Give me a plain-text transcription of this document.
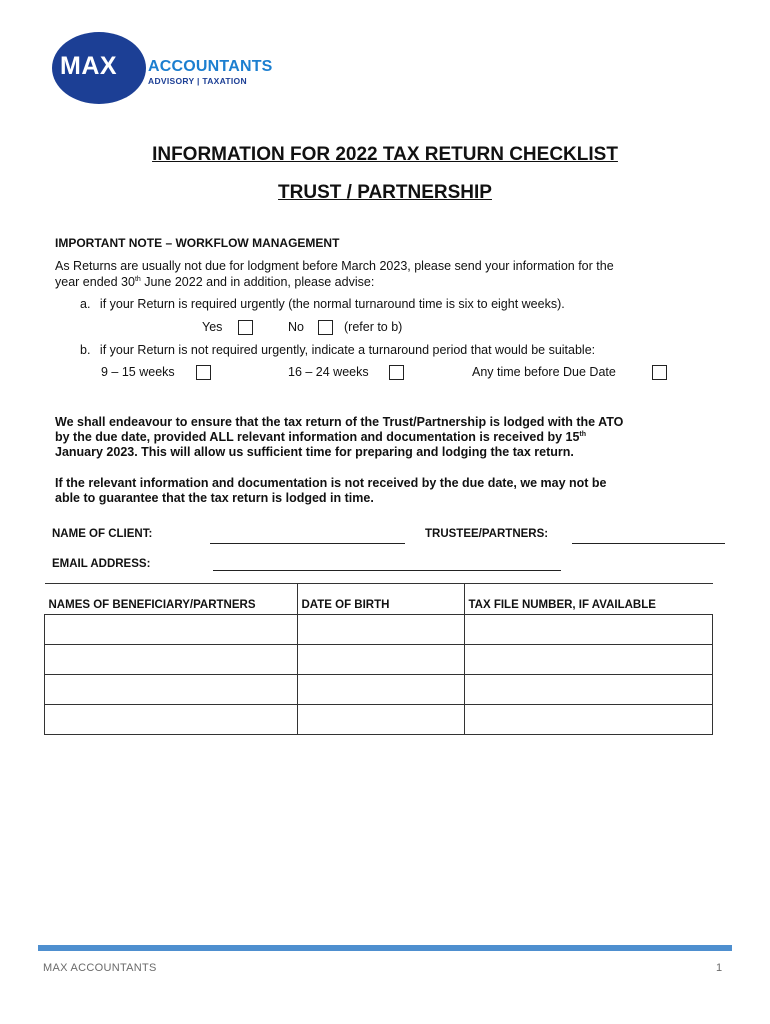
MAX ACCOUNTANTS
ADVISORY | TAXATION
INFORMATION FOR 2022 TAX RETURN CHECKLIST
TRUST / PARTNERSHIP
IMPORTANT NOTE – WORKFLOW MANAGEMENT
As Returns are usually not due for lodgment before March 2023, please send your information for the
year ended 30th June 2022 and in addition, please advise:
a. if your Return is required urgently (the normal turnaround time is six to eight weeks).
Yes	No	(refer to b)
b. if your Return is not required urgently, indicate a turnaround period that would be suitable:
9 – 15 weeks	16 – 24 weeks	Any time before Due Date
We shall endeavour to ensure that the tax return of the Trust/Partnership is lodged with the ATO
by the due date, provided ALL relevant information and documentation is received by 15th
January 2023. This will allow us sufficient time for preparing and lodging the tax return.
If the relevant information and documentation is not received by the due date, we may not be
able to guarantee that the tax return is lodged in time.
NAME OF CLIENT:	TRUSTEE/PARTNERS:
EMAIL ADDRESS:
NAMES OF BENEFICIARY/PARTNERS	DATE OF BIRTH	TAX FILE NUMBER, IF AVAILABLE

MAX ACCOUNTANTS	1
